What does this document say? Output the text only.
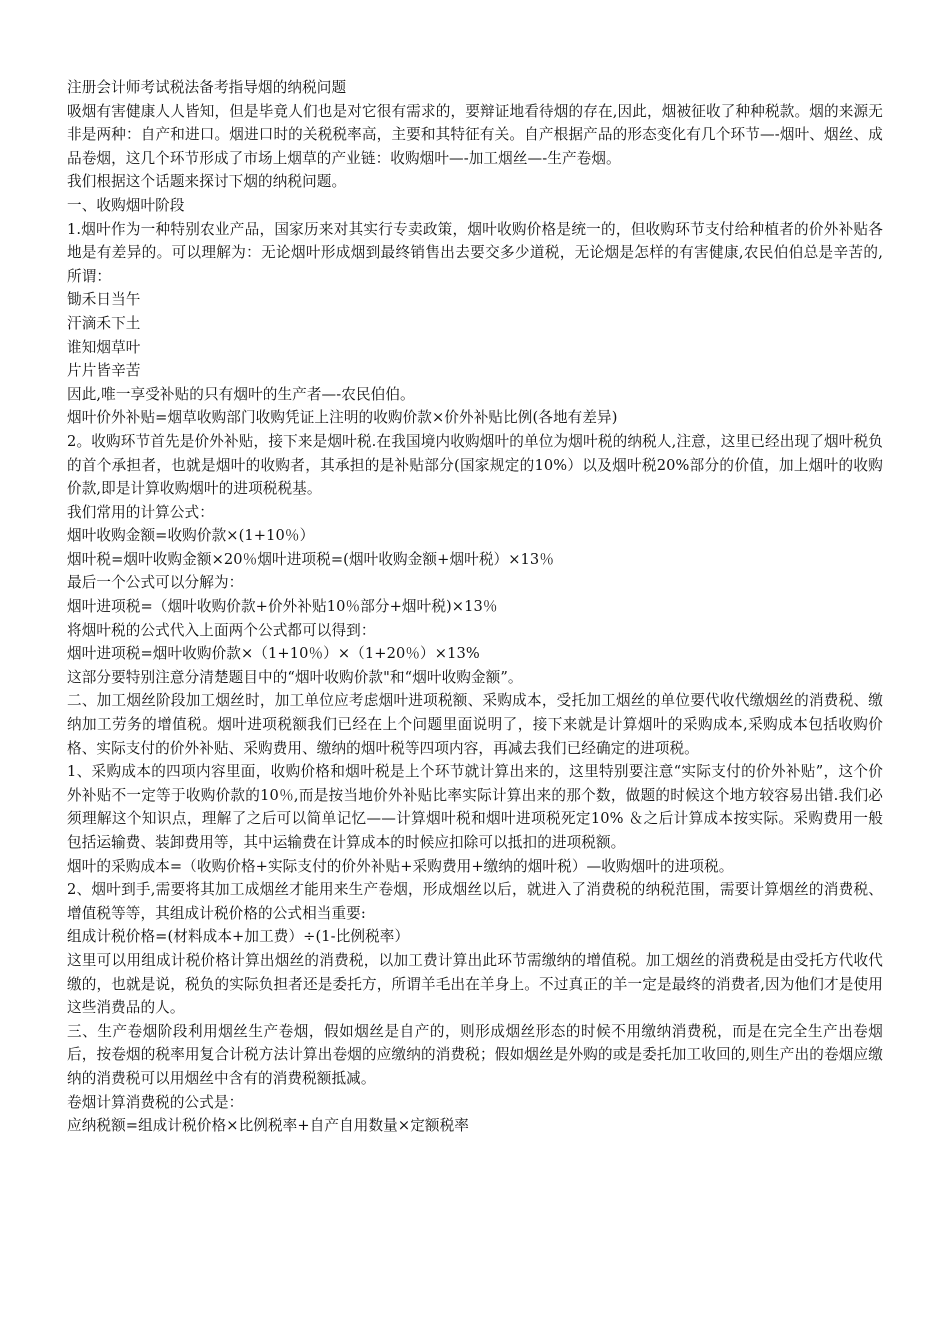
注册会计师考试税法备考指导烟的纳税问题

吸烟有害健康人人皆知，但是毕竟人们也是对它很有需求的，要辩证地看待烟的存在,因此，烟被征收了种种税款。烟的来源无非是两种：自产和进口。烟进口时的关税税率高，主要和其特征有关。自产根据产品的形态变化有几个环节—-烟叶、烟丝、成品卷烟，这几个环节形成了市场上烟草的产业链：收购烟叶—-加工烟丝—-生产卷烟。

我们根据这个话题来探讨下烟的纳税问题。

一、收购烟叶阶段

1.烟叶作为一种特别农业产品，国家历来对其实行专卖政策，烟叶收购价格是统一的，但收购环节支付给种植者的价外补贴各地是有差异的。可以理解为：无论烟叶形成烟到最终销售出去要交多少道税，无论烟是怎样的有害健康,农民伯伯总是辛苦的,所谓：

锄禾日当午

汗滴禾下土

谁知烟草叶

片片皆辛苦

因此,唯一享受补贴的只有烟叶的生产者—-农民伯伯。

烟叶价外补贴=烟草收购部门收购凭证上注明的收购价款×价外补贴比例(各地有差异)

2。收购环节首先是价外补贴，接下来是烟叶税.在我国境内收购烟叶的单位为烟叶税的纳税人,注意，这里已经出现了烟叶税负的首个承担者，也就是烟叶的收购者，其承担的是补贴部分(国家规定的10%）以及烟叶税20%部分的价值，加上烟叶的收购价款,即是计算收购烟叶的进项税税基。

我们常用的计算公式：

烟叶收购金额=收购价款×(1+10％）

烟叶税=烟叶收购金额×20％烟叶进项税=(烟叶收购金额+烟叶税）×13％

最后一个公式可以分解为：

烟叶进项税=（烟叶收购价款+价外补贴10％部分+烟叶税)×13％

将烟叶税的公式代入上面两个公式都可以得到：

烟叶进项税=烟叶收购价款×（1+10％）×（1+20％）×13%

这部分要特别注意分清楚题目中的“烟叶收购价款"和“烟叶收购金额”。

二、加工烟丝阶段加工烟丝时，加工单位应考虑烟叶进项税额、采购成本，受托加工烟丝的单位要代收代缴烟丝的消费税、缴纳加工劳务的增值税。烟叶进项税额我们已经在上个问题里面说明了，接下来就是计算烟叶的采购成本,采购成本包括收购价格、实际支付的价外补贴、采购费用、缴纳的烟叶税等四项内容，再减去我们已经确定的进项税。

1、采购成本的四项内容里面，收购价格和烟叶税是上个环节就计算出来的，这里特别要注意“实际支付的价外补贴”，这个价外补贴不一定等于收购价款的10％,而是按当地价外补贴比率实际计算出来的那个数，做题的时候这个地方较容易出错.我们必须理解这个知识点，理解了之后可以简单记忆——计算烟叶税和烟叶进项税死定10% ＆之后计算成本按实际。采购费用一般包括运输费、装卸费用等，其中运输费在计算成本的时候应扣除可以抵扣的进项税额。

烟叶的采购成本=（收购价格+实际支付的价外补贴+采购费用+缴纳的烟叶税）—收购烟叶的进项税。

2、烟叶到手,需要将其加工成烟丝才能用来生产卷烟，形成烟丝以后，就进入了消费税的纳税范围，需要计算烟丝的消费税、增值税等等，其组成计税价格的公式相当重要:

组成计税价格=(材料成本+加工费）÷(1-比例税率）

这里可以用组成计税价格计算出烟丝的消费税，以加工费计算出此环节需缴纳的增值税。加工烟丝的消费税是由受托方代收代缴的，也就是说，税负的实际负担者还是委托方，所谓羊毛出在羊身上。不过真正的羊一定是最终的消费者,因为他们才是使用这些消费品的人。

三、生产卷烟阶段利用烟丝生产卷烟，假如烟丝是自产的，则形成烟丝形态的时候不用缴纳消费税，而是在完全生产出卷烟后，按卷烟的税率用复合计税方法计算出卷烟的应缴纳的消费税；假如烟丝是外购的或是委托加工收回的,则生产出的卷烟应缴纳的消费税可以用烟丝中含有的消费税额抵减。

卷烟计算消费税的公式是：

应纳税额=组成计税价格×比例税率+自产自用数量×定额税率
